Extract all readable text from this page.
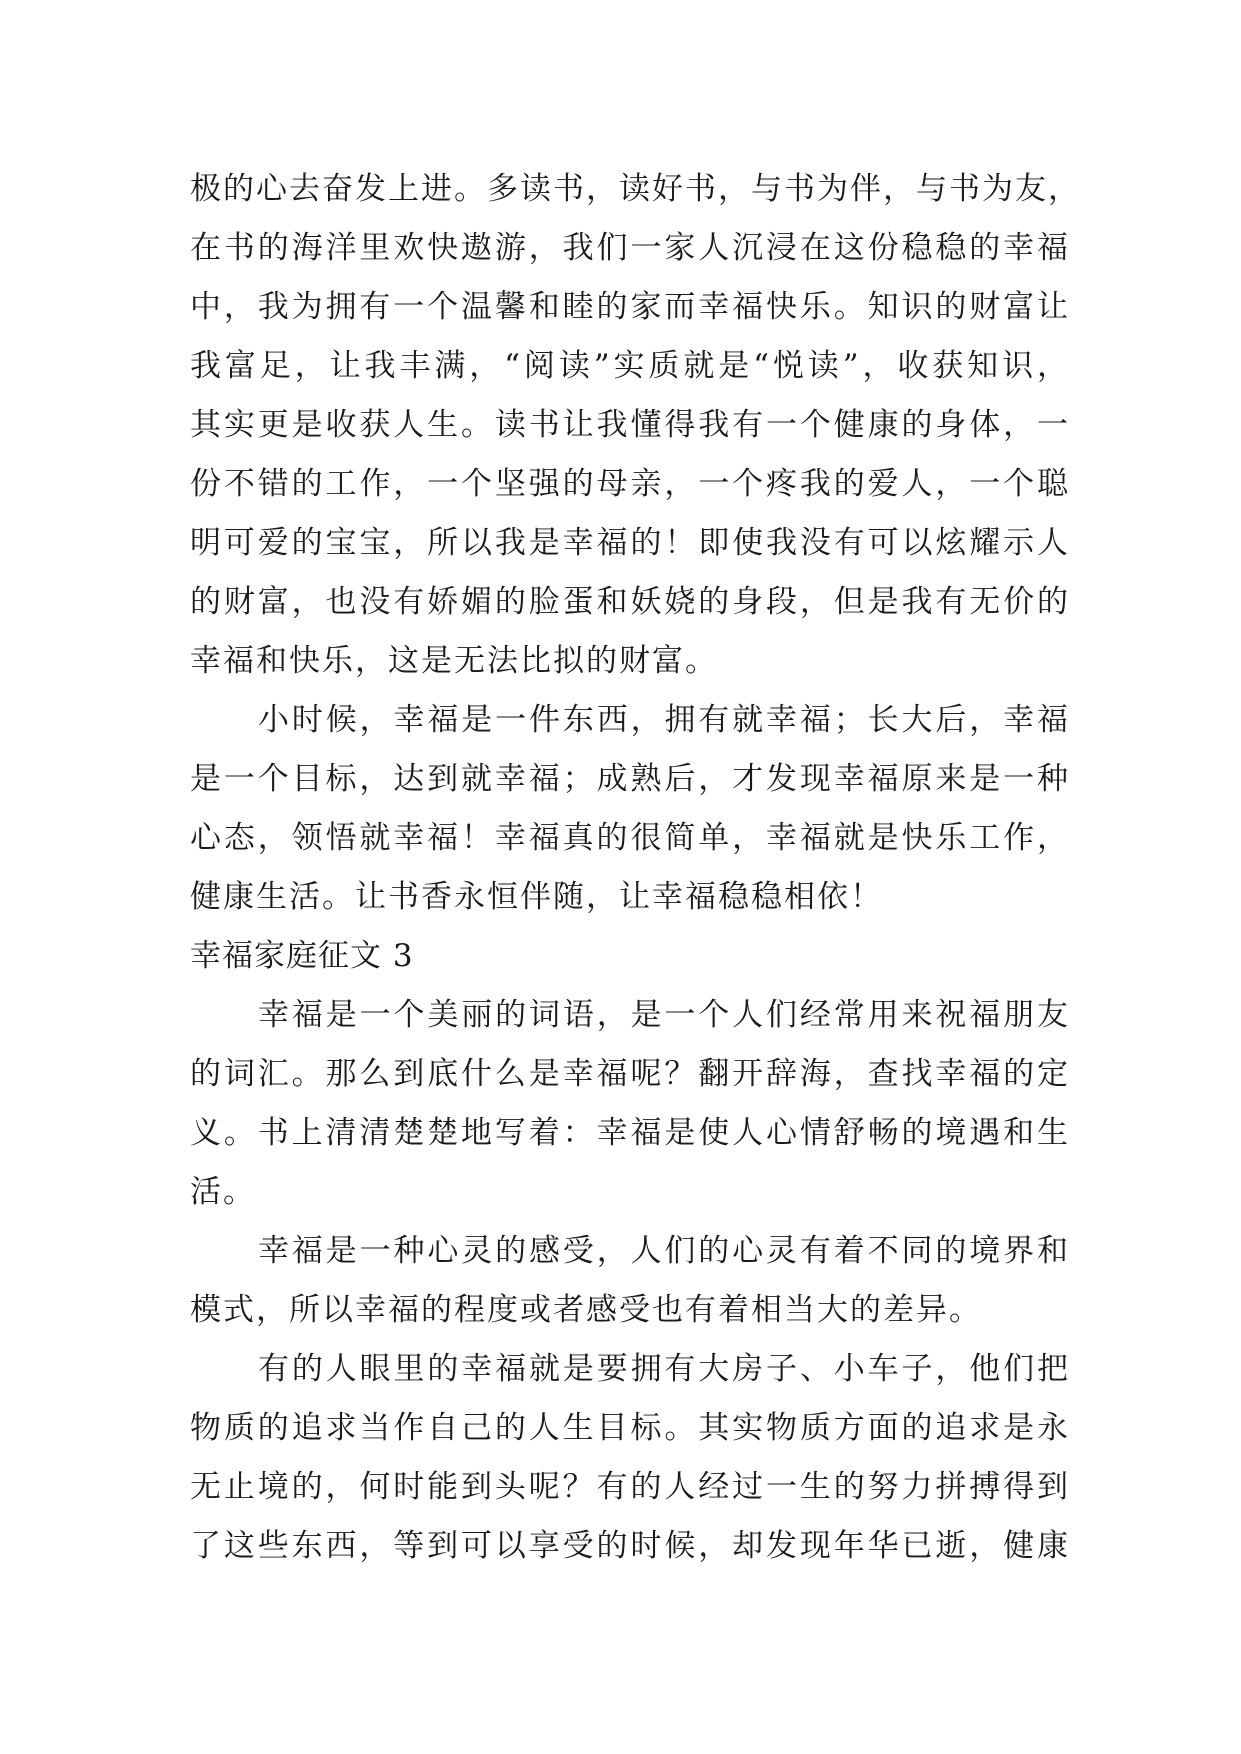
极的心去奋发上进。多读书，读好书，与书为伴，与书为友，
在书的海洋里欢快遨游，我们一家人沉浸在这份稳稳的幸福
中，我为拥有一个温馨和睦的家而幸福快乐。知识的财富让
我富足，让我丰满，“阅读”实质就是“悦读”，收获知识，
其实更是收获人生。读书让我懂得我有一个健康的身体，一
份不错的工作，一个坚强的母亲，一个疼我的爱人，一个聪
明可爱的宝宝，所以我是幸福的！即使我没有可以炫耀示人
的财富，也没有娇媚的脸蛋和妖娆的身段，但是我有无价的
幸福和快乐，这是无法比拟的财富。
小时候，幸福是一件东西，拥有就幸福；长大后，幸福
是一个目标，达到就幸福；成熟后，才发现幸福原来是一种
心态，领悟就幸福！幸福真的很简单，幸福就是快乐工作，
健康生活。让书香永恒伴随，让幸福稳稳相依！
幸福家庭征文 3
幸福是一个美丽的词语，是一个人们经常用来祝福朋友
的词汇。那么到底什么是幸福呢？翻开辞海，查找幸福的定
义。书上清清楚楚地写着：幸福是使人心情舒畅的境遇和生
活。
幸福是一种心灵的感受，人们的心灵有着不同的境界和
模式，所以幸福的程度或者感受也有着相当大的差异。
有的人眼里的幸福就是要拥有大房子、小车子，他们把
物质的追求当作自己的人生目标。其实物质方面的追求是永
无止境的，何时能到头呢？有的人经过一生的努力拼搏得到
了这些东西，等到可以享受的时候，却发现年华已逝，健康
